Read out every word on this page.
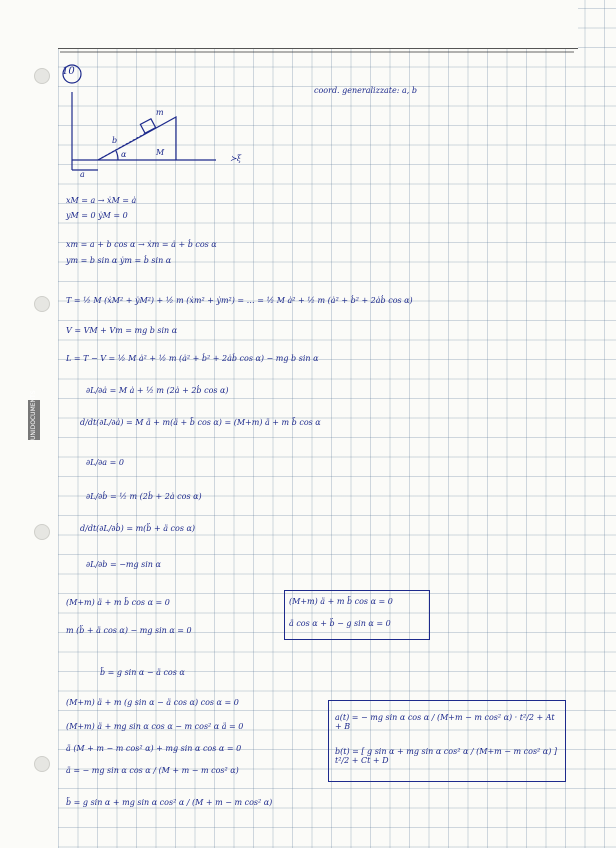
UNIDOCUMENTS
10
coord. generalizzate: a, b
b
m
M
α
a
≻ξ
xM = a → ẋM = ȧ
yM = 0 ẏM = 0
xm = a + b cos α → ẋm = ȧ + ḃ cos α
ym = b sin α ẏm = ḃ sin α
T = ½ M (ẋM² + ẏM²) + ½ m (ẋm² + ẏm²) = … = ½ M ȧ² + ½ m (ȧ² + ḃ² + 2ȧḃ cos α)
V = VM + Vm = mg b sin α
L = T − V = ½ M ȧ² + ½ m (ȧ² + ḃ² + 2ȧḃ cos α) − mg b sin α
∂L/∂ȧ = M ȧ + ½ m (2ȧ + 2ḃ cos α)
d/dt(∂L/∂ȧ) = M ä + m(ä + b̈ cos α) = (M+m) ä + m b̈ cos α
∂L/∂a = 0
∂L/∂ḃ = ½ m (2ḃ + 2ȧ cos α)
d/dt(∂L/∂ḃ) = m(b̈ + ä cos α)
∂L/∂b = −mg sin α
(M+m) ä + m b̈ cos α = 0
m (b̈ + ä cos α) − mg sin α = 0
(M+m) ä + m b̈ cos α = 0
ä cos α + b̈ − g sin α = 0
b̈ = g sin α − ä cos α
(M+m) ä + m (g sin α − ä cos α) cos α = 0
(M+m) ä + mg sin α cos α − m cos² α ä = 0
ä (M + m − m cos² α) + mg sin α cos α = 0
ä = − mg sin α cos α / (M + m − m cos² α)
b̈ = g sin α + mg sin α cos² α / (M + m − m cos² α)
a(t) = − mg sin α cos α / (M+m − m cos² α) · t²/2 + At + B
b(t) = [ g sin α + mg sin α cos² α / (M+m − m cos² α) ] t²/2 + Ct + D
